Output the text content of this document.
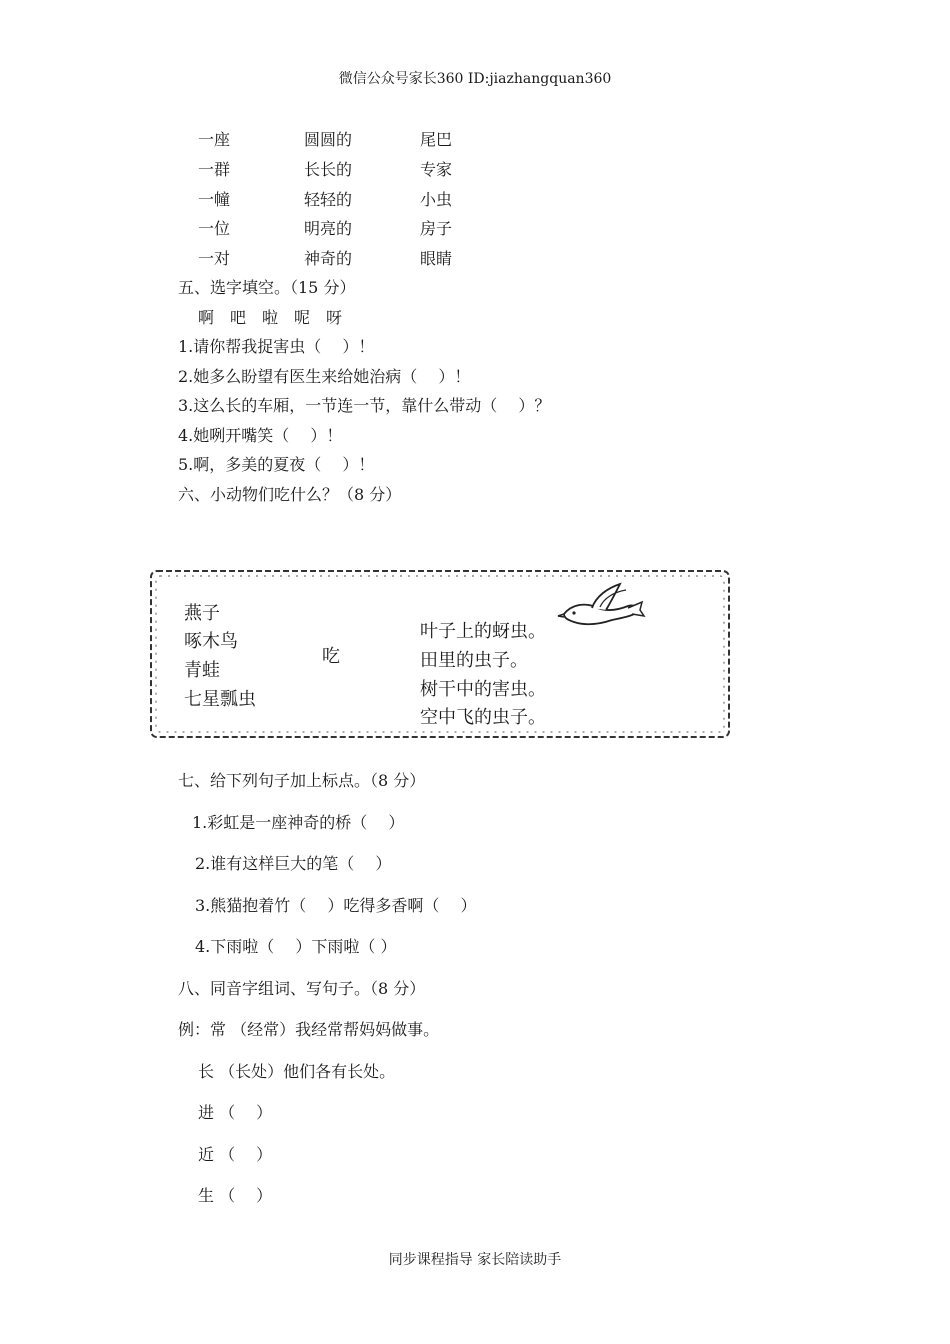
微信公众号家长360 ID:jiazhangquan360
一座
一群
一幢
一位
一对
圆圆的
长长的
轻轻的
明亮的
神奇的
尾巴
专家
小虫
房子
眼睛
五、选字填空。（15 分）
啊　吧　啦　呢　呀
1.请你帮我捉害虫（　 ）！
2.她多么盼望有医生来给她治病（　 ）！
3.这么长的车厢，一节连一节，靠什么带动（　 ）？
4.她咧开嘴笑（　 ）！
5.啊，多美的夏夜（　 ）！
六、小动物们吃什么？（8 分）
燕子
啄木鸟
青蛙
七星瓢虫
吃
叶子上的蚜虫。
田里的虫子。
树干中的害虫。
空中飞的虫子。
七、给下列句子加上标点。（8 分）
1.彩虹是一座神奇的桥（　 ）
2.谁有这样巨大的笔（　 ）
3.熊猫抱着竹（　 ）吃得多香啊（　 ）
4.下雨啦（　 ）下雨啦（ ）
八、同音字组词、写句子。（8 分）
例：常 （经常）我经常帮妈妈做事。
长 （长处）他们各有长处。
进 （　 ）
近 （　 ）
生 （　 ）
同步课程指导 家长陪读助手
